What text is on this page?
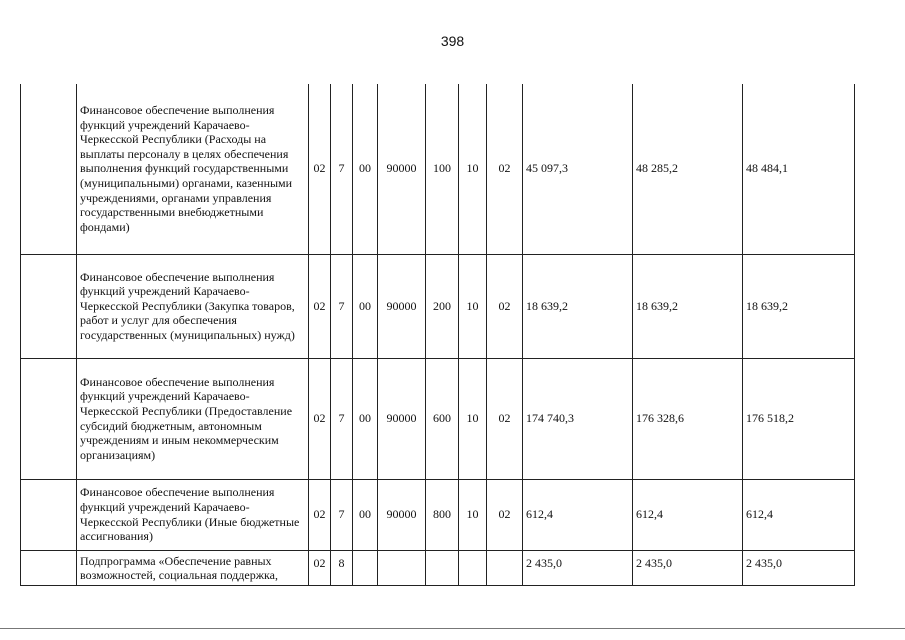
398
	Финансовое обеспечение выполнения функций учреждений Карачаево-Черкесской Республики (Расходы на выплаты персоналу в целях обеспечения выполнения функций государственными (муниципальными) органами, казенными учреждениями, органами управления государственными внебюджетными фондами)	02	7	00	90000	100	10	02	45 097,3	48 285,2	48 484,1
	Финансовое обеспечение выполнения функций учреждений Карачаево-Черкесской Республики (Закупка товаров, работ и услуг для обеспечения государственных (муниципальных) нужд)	02	7	00	90000	200	10	02	18 639,2	18 639,2	18 639,2
	Финансовое обеспечение выполнения функций учреждений Карачаево-Черкесской Республики (Предоставление субсидий бюджетным, автономным учреждениям и иным некоммерческим организациям)	02	7	00	90000	600	10	02	174 740,3	176 328,6	176 518,2
	Финансовое обеспечение выполнения функций учреждений Карачаево-Черкесской Республики (Иные бюджетные ассигнования)	02	7	00	90000	800	10	02	612,4	612,4	612,4
	Подпрограмма «Обеспечение равных возможностей, социальная поддержка,	02	8						2 435,0	2 435,0	2 435,0
